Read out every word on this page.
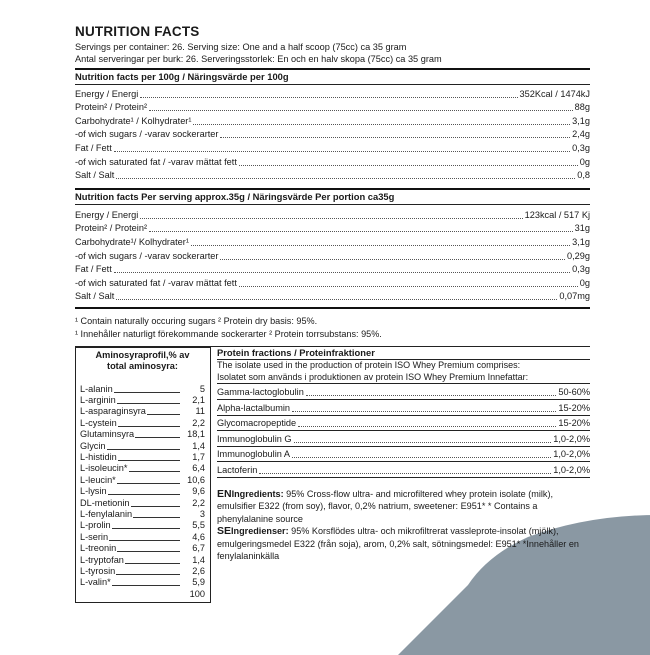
NUTRITION FACTS
Servings per container: 26. Serving size: One and a half scoop (75cc) ca 35 gram
Antal serveringar per burk: 26. Serveringsstorlek: En och en halv skopa (75cc) ca 35 gram
Nutrition facts per 100g / Näringsvärde per 100g
Energy / Energi	352Kcal / 1474kJ
Protein² / Protein²	88g
Carbohydrate¹ / Kolhydrater¹	3,1g
-of wich sugars / -varav sockerarter	2,4g
Fat / Fett	0,3g
-of wich saturated fat / -varav mättat fett	0g
Salt / Salt	0,8
Nutrition facts Per serving approx.35g / Näringsvärde Per portion ca35g
Energy / Energi	123kcal / 517 Kj
Protein² / Protein²	31g
Carbohydrate¹/ Kolhydrater¹	3,1g
-of wich sugars / -varav sockerarter	0,29g
Fat / Fett	0,3g
-of wich saturated fat / -varav mättat fett	0g
Salt / Salt	0,07mg
¹ Contain naturally occuring sugars ² Protein dry basis: 95%.
¹ Innehåller naturligt förekommande sockerarter ² Protein torrsubstans: 95%.
Aminosyraprofil,% av
total aminosyra:
L-alanin	5
L-arginin	2,1
L-asparaginsyra	11
L-cystein	2,2
Glutaminsyra	18,1
Glycin	1,4
L-histidin	1,7
L-isoleucin*	6,4
L-leucin*	10,6
L-lysin	9,6
DL-metionin	2,2
L-fenylalanin	3
L-prolin	5,5
L-serin	4,6
L-treonin	6,7
L-tryptofan	1,4
L-tyrosin	2,6
L-valin*	5,9
100
Protein fractions / Proteinfraktioner
The isolate used in the production of protein ISO Whey Premium comprises:
Isolatet som används i produktionen av protein ISO Whey Premium Innefattar:
Gamma-lactoglobulin	50-60%
Alpha-lactalbumin	15-20%
Glycomacropeptide	15-20%
Immunoglobulin G	1,0-2,0%
Immunoglobulin A	1,0-2,0%
Lactoferin	1,0-2,0%
ENIngredients: 95% Cross-flow ultra- and microfiltered whey protein isolate (milk), emulsifier E322 (from soy), flavor, 0,2% natrium, sweetener: E951* * Contains a phenylalanine source
SEIngredienser: 95% Korsflödes ultra- och mikrofiltrerat vassleprote-insolat (mjölk), emulgeringsmedel E322 (från soja), arom, 0,2% salt, sötningsmedel: E951* *Innehåller en fenylalaninkälla
